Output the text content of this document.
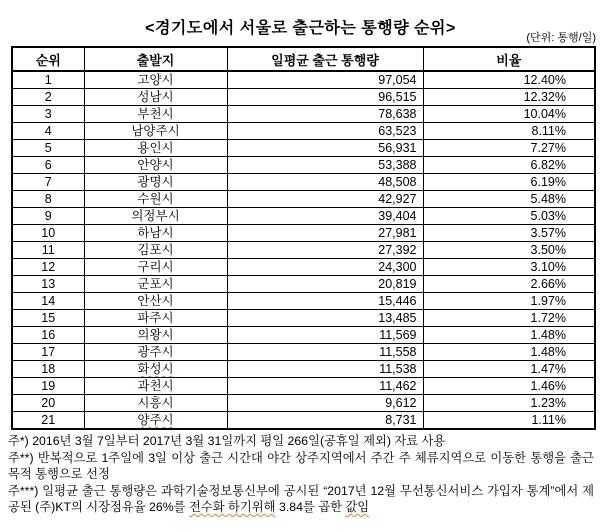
<경기도에서 서울로 출근하는 통행량 순위>
(단위: 통행/일)
순위	출발지	일평균 출근 통행량	비율
1	고양시	97,054	12.40%
2	성남시	96,515	12.32%
3	부천시	78,638	10.04%
4	남양주시	63,523	8.11%
5	용인시	56,931	7.27%
6	안양시	53,388	6.82%
7	광명시	48,508	6.19%
8	수원시	42,927	5.48%
9	의정부시	39,404	5.03%
10	하남시	27,981	3.57%
11	김포시	27,392	3.50%
12	구리시	24,300	3.10%
13	군포시	20,819	2.66%
14	안산시	15,446	1.97%
15	파주시	13,485	1.72%
16	의왕시	11,569	1.48%
17	광주시	11,558	1.48%
18	화성시	11,538	1.47%
19	과천시	11,462	1.46%
20	시흥시	9,612	1.23%
21	양주시	8,731	1.11%

주*) 2016년 3월 7일부터 2017년 3월 31일까지 평일 266일(공휴일 제외) 자료 사용

주**) 반복적으로 1주일에 3일 이상 출근 시간대 야간 상주지역에서 주간 주 체류지역으로 이동한 통행을 출근 목적 통행으로 선정

주***) 일평균 출근 통행량은 과학기술정보통신부에 공시된 “2017년 12월 무선통신서비스 가입자 통계”에서 제공된 (주)KT의 시장점유율 26%를 전수화 하기위해 3.84를 곱한 값임
